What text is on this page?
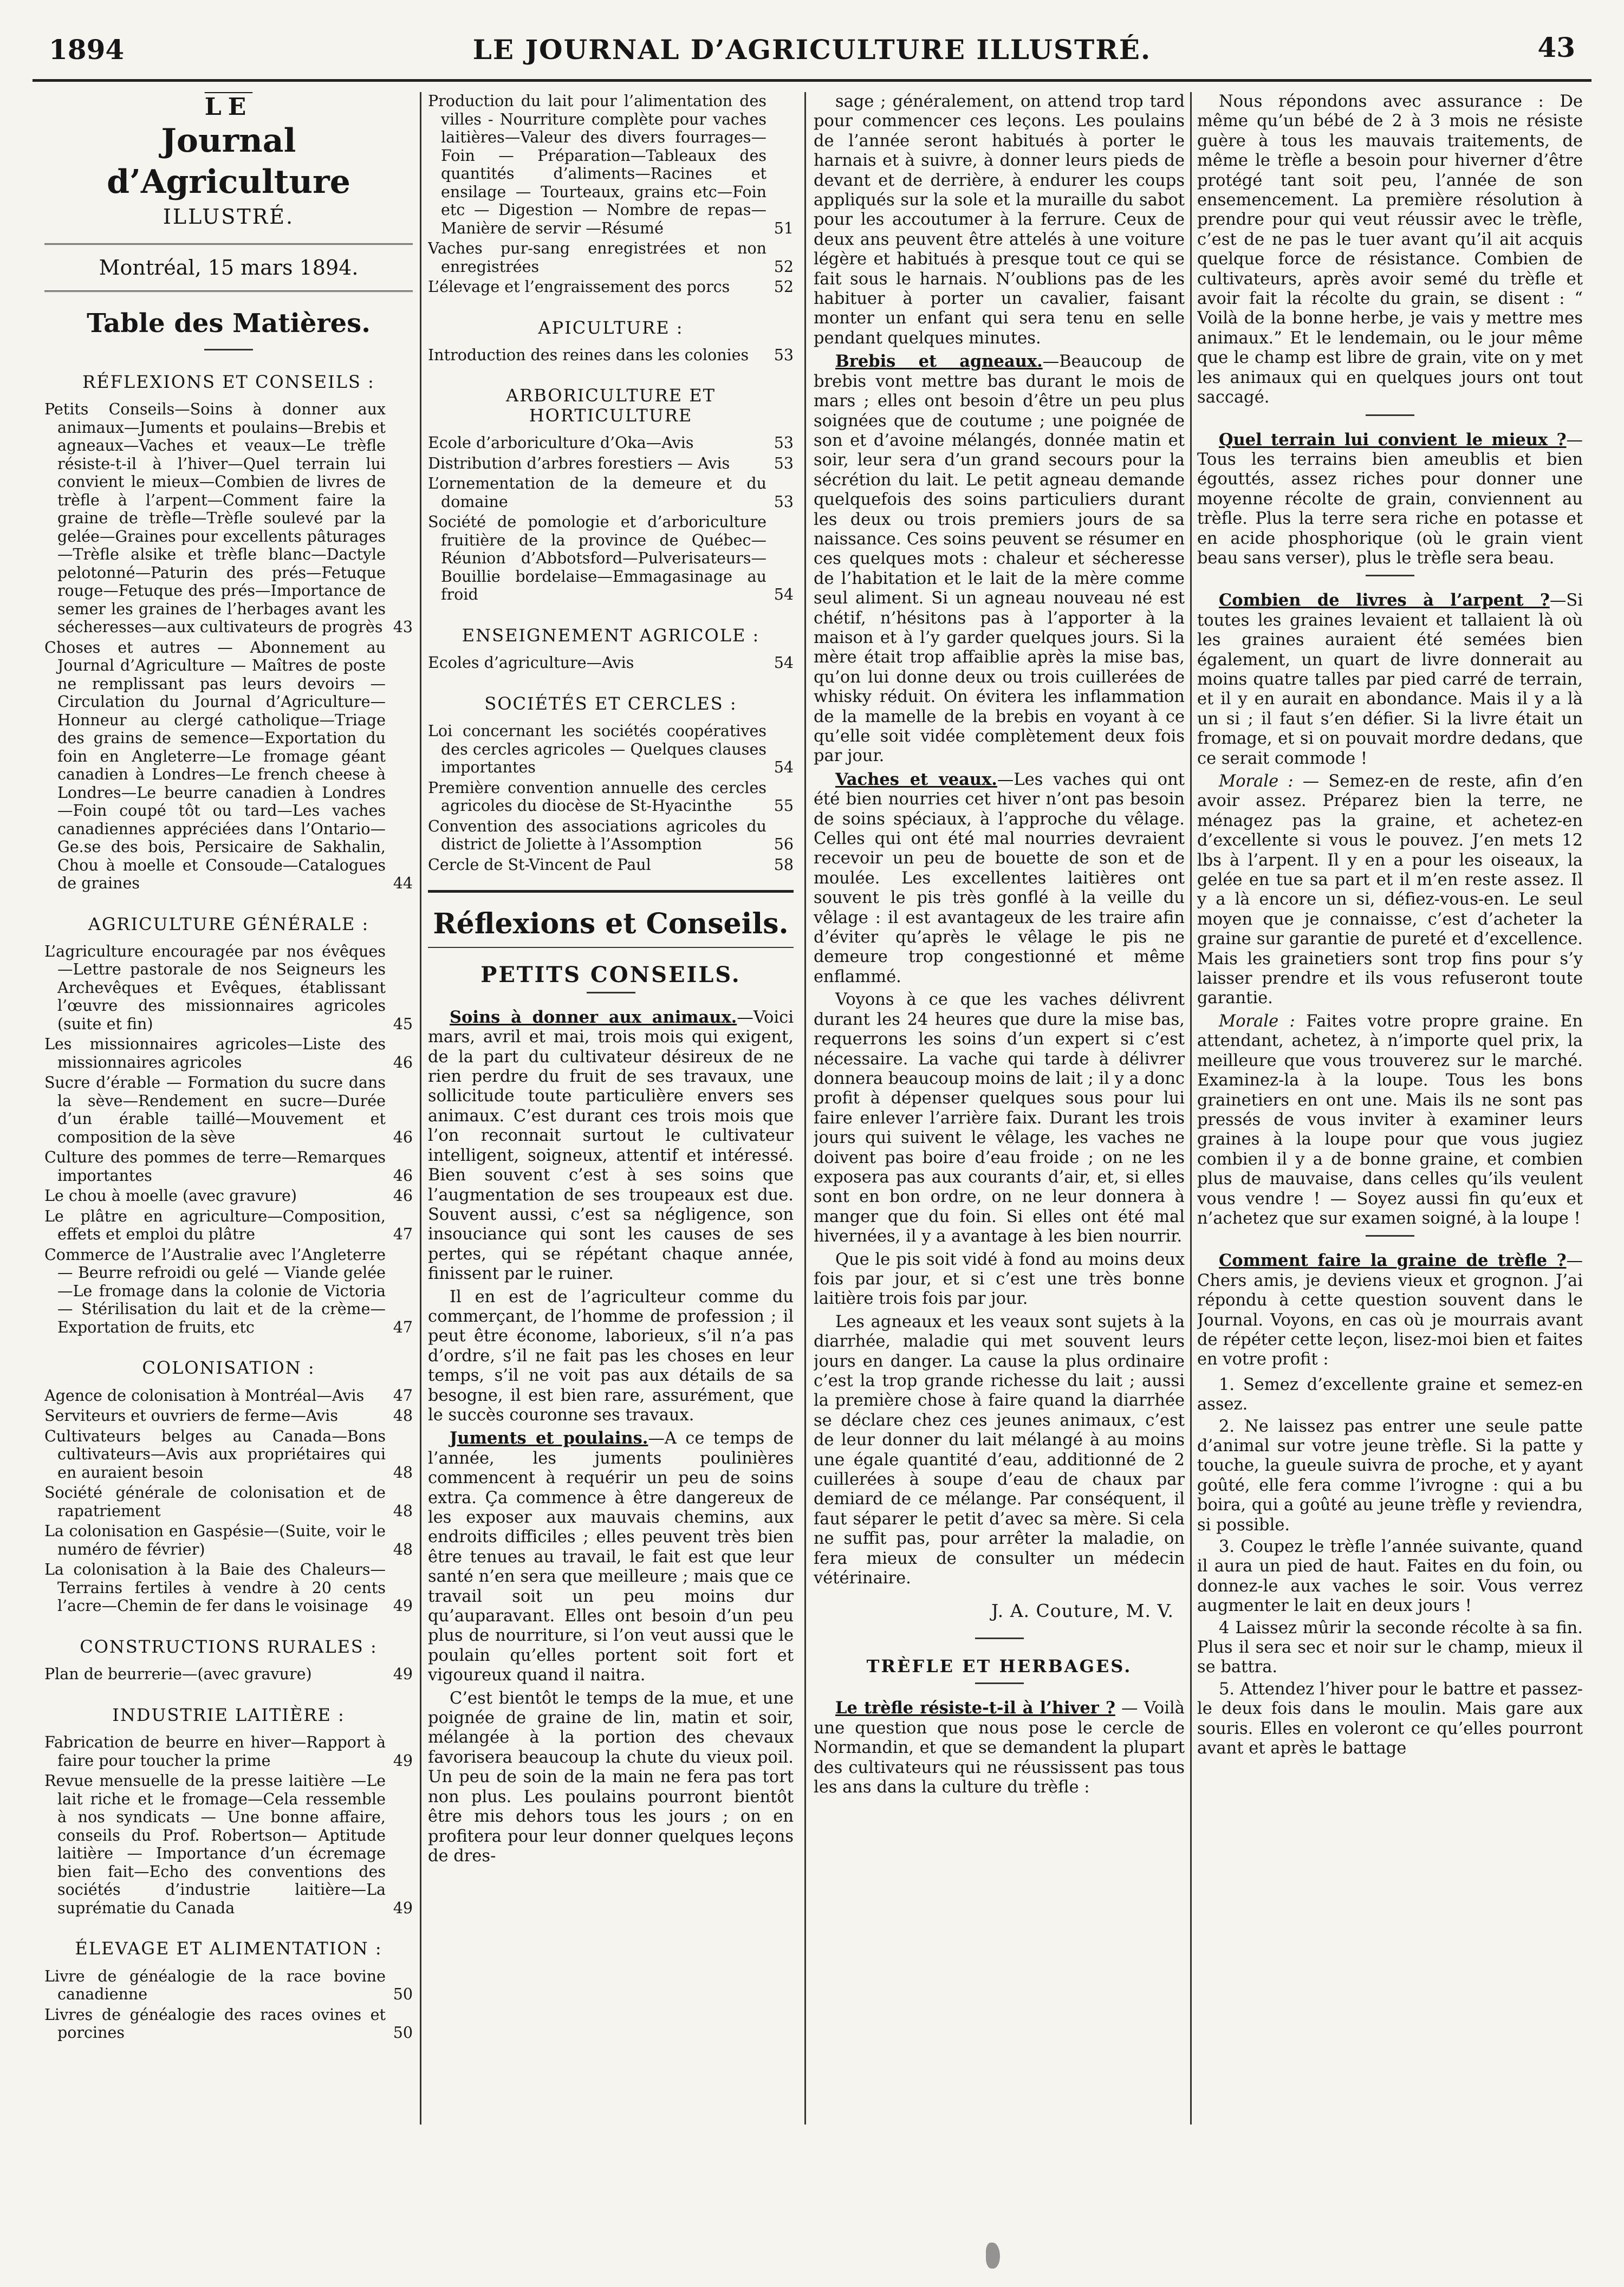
1894	LE JOURNAL D’AGRICULTURE ILLUSTRÉ.	43
$\overline{LE}$
Journal d’Agriculture
ILLUSTRÉ.
Montréal, 15 mars 1894.
Table des Matières.
RÉFLEXIONS ET CONSEILS :
Petits Conseils—Soins à donner aux animaux—Juments et poulains—Brebis et agneaux—Vaches et veaux—Le trèfle résiste-t-il à l’hiver—Quel terrain lui convient le mieux—Combien de livres de trèfle à l’arpent—Comment faire la graine de trèfle—Trèfle soulevé par la gelée—Graines pour excellents pâturages—Trèfle alsike et trèfle blanc—Dactyle pelotonné—Paturin des prés—Fetuque rouge—Fetuque des prés—Importance de semer les graines de l’herbages avant les sécheresses—aux cultivateurs de progrès 43
Choses et autres — Abonnement au Journal d’Agriculture — Maîtres de poste ne remplissant pas leurs devoirs —Circulation du Journal d’Agriculture—Honneur au clergé catholique—Triage des grains de semence—Exportation du foin en Angleterre—Le fromage géant canadien à Londres—Le french cheese à Londres—Le beurre canadien à Londres—Foin coupé tôt ou tard—Les vaches canadiennes appréciées dans l’Ontario—Ge.se des bois, Persicaire de Sakhalin, Chou à moelle et Consoude—Catalogues de graines	44
AGRICULTURE GÉNÉRALE :
L’agriculture encouragée par nos évêques—Lettre pastorale de nos Seigneurs les Archevêques et Evêques, établissant l’œuvre des missionnaires agricoles (suite et fin)	45
Les missionnaires agricoles—Liste des missionnaires agricoles	46
Sucre d’érable — Formation du sucre dans la sève—Rendement en sucre—Durée d’un érable taillé—Mouvement et composition de la sève	46
Culture des pommes de terre—Remarques importantes	46
Le chou à moelle (avec gravure)	46
Le plâtre en agriculture—Composition, effets et emploi du plâtre	47
Commerce de l’Australie avec l’Angleterre — Beurre refroidi ou gelé — Viande gelée—Le fromage dans la colonie de Victoria — Stérilisation du lait et de la crème—Exportation de fruits, etc	47
COLONISATION :
Agence de colonisation à Montréal—Avis	47
Serviteurs et ouvriers de ferme—Avis	48
Cultivateurs belges au Canada—Bons cultivateurs—Avis aux propriétaires qui en auraient besoin	48
Société générale de colonisation et de rapatriement	48
La colonisation en Gaspésie—(Suite, voir le numéro de février)	48
La colonisation à la Baie des Chaleurs—Terrains fertiles à vendre à 20 cents l’acre—Chemin de fer dans le voisinage	49
CONSTRUCTIONS RURALES :
Plan de beurrerie—(avec gravure)	49
INDUSTRIE LAITIÈRE :
Fabrication de beurre en hiver—Rapport à faire pour toucher la prime	49
Revue mensuelle de la presse laitière —Le lait riche et le fromage—Cela ressemble à nos syndicats — Une bonne affaire, conseils du Prof. Robertson— Aptitude laitière — Importance d’un écremage bien fait—Echo des conventions des sociétés d’industrie laitière—La suprématie du Canada	49
ÉLEVAGE ET ALIMENTATION :
Livre de généalogie de la race bovine canadienne	50
Livres de généalogie des races ovines et porcines	50
Production du lait pour l’alimentation des villes - Nourriture complète pour vaches laitières—Valeur des divers fourrages—Foin — Préparation—Tableaux des quantités d’aliments—Racines et ensilage — Tourteaux, grains etc—Foin etc — Digestion — Nombre de repas—Manière de servir —Résumé	51
Vaches pur-sang enregistrées et non enregistrées	52
L’élevage et l’engraissement des porcs	52
APICULTURE :
Introduction des reines dans les colonies	53
ARBORICULTURE ET HORTICULTURE
Ecole d’arboriculture d’Oka—Avis	53
Distribution d’arbres forestiers — Avis	53
L’ornementation de la demeure et du domaine	53
Société de pomologie et d’arboriculture fruitière de la province de Québec—Réunion d’Abbotsford—Pulverisateurs—Bouillie bordelaise—Emmagasinage au froid	54
ENSEIGNEMENT AGRICOLE :
Ecoles d’agriculture—Avis	54
SOCIÉTÉS ET CERCLES :
Loi concernant les sociétés coopératives des cercles agricoles — Quelques clauses importantes	54
Première convention annuelle des cercles agricoles du diocèse de St-Hyacinthe	55
Convention des associations agricoles du district de Joliette à l’Assomption	56
Cercle de St-Vincent de Paul	58
Réflexions et Conseils.
PETITS CONSEILS.

Soins à donner aux animaux.—Voici mars, avril et mai, trois mois qui exigent, de la part du cultivateur désireux de ne rien perdre du fruit de ses travaux, une sollicitude toute particulière envers ses animaux. C’est durant ces trois mois que l’on reconnait surtout le cultivateur intelligent, soigneux, attentif et intéressé. Bien souvent c’est à ses soins que l’augmentation de ses troupeaux est due. Souvent aussi, c’est sa négligence, son insouciance qui sont les causes de ses pertes, qui se répétant chaque année, finissent par le ruiner.

Il en est de l’agriculteur comme du commerçant, de l’homme de profession ; il peut être économe, laborieux, s’il n’a pas d’ordre, s’il ne fait pas les choses en leur temps, s’il ne voit pas aux détails de sa besogne, il est bien rare, assurément, que le succès couronne ses travaux.

Juments et poulains.—A ce temps de l’année, les juments poulinières commencent à requérir un peu de soins extra. Ça commence à être dangereux de les exposer aux mauvais chemins, aux endroits difficiles ; elles peuvent très bien être tenues au travail, le fait est que leur santé n’en sera que meilleure ; mais que ce travail soit un peu moins dur qu’auparavant. Elles ont besoin d’un peu plus de nourriture, si l’on veut aussi que le poulain qu’elles portent soit fort et vigoureux quand il naitra.

C’est bientôt le temps de la mue, et une poignée de graine de lin, matin et soir, mélangée à la portion des chevaux favorisera beaucoup la chute du vieux poil. Un peu de soin de la main ne fera pas tort non plus. Les poulains pourront bientôt être mis dehors tous les jours ; on en profitera pour leur donner quelques leçons de dres-

sage ; généralement, on attend trop tard pour commencer ces leçons. Les poulains de l’année seront habitués à porter le harnais et à suivre, à donner leurs pieds de devant et de derrière, à endurer les coups appliqués sur la sole et la muraille du sabot pour les accoutumer à la ferrure. Ceux de deux ans peuvent être attelés à une voiture légère et habitués à presque tout ce qui se fait sous le harnais. N’oublions pas de les habituer à porter un cavalier, faisant monter un enfant qui sera tenu en selle pendant quelques minutes.

Brebis et agneaux.—Beaucoup de brebis vont mettre bas durant le mois de mars ; elles ont besoin d’être un peu plus soignées que de coutume ; une poignée de son et d’avoine mélangés, donnée matin et soir, leur sera d’un grand secours pour la sécrétion du lait. Le petit agneau demande quelquefois des soins particuliers durant les deux ou trois premiers jours de sa naissance. Ces soins peuvent se résumer en ces quelques mots : chaleur et sécheresse de l’habitation et le lait de la mère comme seul aliment. Si un agneau nouveau né est chétif, n’hésitons pas à l’apporter à la maison et à l’y garder quelques jours. Si la mère était trop affaiblie après la mise bas, qu’on lui donne deux ou trois cuillerées de whisky réduit. On évitera les inflammation de la mamelle de la brebis en voyant à ce qu’elle soit vidée complètement deux fois par jour.

Vaches et veaux.—Les vaches qui ont été bien nourries cet hiver n’ont pas besoin de soins spéciaux, à l’approche du vêlage. Celles qui ont été mal nourries devraient recevoir un peu de bouette de son et de moulée. Les excellentes laitières ont souvent le pis très gonflé à la veille du vêlage : il est avantageux de les traire afin d’éviter qu’après le vêlage le pis ne demeure trop congestionné et même enflammé.

Voyons à ce que les vaches délivrent durant les 24 heures que dure la mise bas, requerrons les soins d’un expert si c’est nécessaire. La vache qui tarde à délivrer donnera beaucoup moins de lait ; il y a donc profit à dépenser quelques sous pour lui faire enlever l’arrière faix. Durant les trois jours qui suivent le vêlage, les vaches ne doivent pas boire d’eau froide ; on ne les exposera pas aux courants d’air, et, si elles sont en bon ordre, on ne leur donnera à manger que du foin. Si elles ont été mal hivernées, il y a avantage à les bien nourrir.

Que le pis soit vidé à fond au moins deux fois par jour, et si c’est une très bonne laitière trois fois par jour.

Les agneaux et les veaux sont sujets à la diarrhée, maladie qui met souvent leurs jours en danger. La cause la plus ordinaire c’est la trop grande richesse du lait ; aussi la première chose à faire quand la diarrhée se déclare chez ces jeunes animaux, c’est de leur donner du lait mélangé à au moins une égale quantité d’eau, additionné de 2 cuillerées à soupe d’eau de chaux par demiard de ce mélange. Par conséquent, il faut séparer le petit d’avec sa mère. Si cela ne suffit pas, pour arrêter la maladie, on fera mieux de consulter un médecin vétérinaire.

J. A. Couture, M. V.
TRÈFLE ET HERBAGES.

Le trèfle résiste-t-il à l’hiver ? — Voilà une question que nous pose le cercle de Normandin, et que se demandent la plupart des cultivateurs qui ne réussissent pas tous les ans dans la culture du trèfle :

Nous répondons avec assurance : De même qu’un bébé de 2 à 3 mois ne résiste guère à tous les mauvais traitements, de même le trèfle a besoin pour hiverner d’être protégé tant soit peu, l’année de son ensemencement. La première résolution à prendre pour qui veut réussir avec le trèfle, c’est de ne pas le tuer avant qu’il ait acquis quelque force de résistance. Combien de cultivateurs, après avoir semé du trèfle et avoir fait la récolte du grain, se disent : “ Voilà de la bonne herbe, je vais y mettre mes animaux.” Et le lendemain, ou le jour même que le champ est libre de grain, vite on y met les animaux qui en quelques jours ont tout saccagé.

Quel terrain lui convient le mieux ?— Tous les terrains bien ameublis et bien égouttés, assez riches pour donner une moyenne récolte de grain, conviennent au trèfle. Plus la terre sera riche en potasse et en acide phosphorique (où le grain vient beau sans verser), plus le trèfle sera beau.

Combien de livres à l’arpent ?—Si toutes les graines levaient et tallaient là où les graines auraient été semées bien également, un quart de livre donnerait au moins quatre talles par pied carré de terrain, et il y en aurait en abondance. Mais il y a là un si ; il faut s’en défier. Si la livre était un fromage, et si on pouvait mordre dedans, que ce serait commode !

Morale : — Semez-en de reste, afin d’en avoir assez. Préparez bien la terre, ne ménagez pas la graine, et achetez-en d’excellente si vous le pouvez. J’en mets 12 lbs à l’arpent. Il y en a pour les oiseaux, la gelée en tue sa part et il m’en reste assez. Il y a là encore un si, défiez-vous-en. Le seul moyen que je connaisse, c’est d’acheter la graine sur garantie de pureté et d’excellence. Mais les grainetiers sont trop fins pour s’y laisser prendre et ils vous refuseront toute garantie.

Morale : Faites votre propre graine. En attendant, achetez, à n’importe quel prix, la meilleure que vous trouverez sur le marché. Examinez-la à la loupe. Tous les bons grainetiers en ont une. Mais ils ne sont pas pressés de vous inviter à examiner leurs graines à la loupe pour que vous jugiez combien il y a de bonne graine, et combien plus de mauvaise, dans celles qu’ils veulent vous vendre ! — Soyez aussi fin qu’eux et n’achetez que sur examen soigné, à la loupe !

Comment faire la graine de trèfle ?— Chers amis, je deviens vieux et grognon. J’ai répondu à cette question souvent dans le Journal. Voyons, en cas où je mourrais avant de répéter cette leçon, lisez-moi bien et faites en votre profit :

1. Semez d’excellente graine et semez-en assez.
2. Ne laissez pas entrer une seule patte d’animal sur votre jeune trèfle. Si la patte y touche, la gueule suivra de proche, et y ayant goûté, elle fera comme l’ivrogne : qui a bu boira, qui a goûté au jeune trèfle y reviendra, si possible.
3. Coupez le trèfle l’année suivante, quand il aura un pied de haut. Faites en du foin, ou donnez-le aux vaches le soir. Vous verrez augmenter le lait en deux jours !
4 Laissez mûrir la seconde récolte à sa fin. Plus il sera sec et noir sur le champ, mieux il se battra.
5. Attendez l’hiver pour le battre et passez-le deux fois dans le moulin. Mais gare aux souris. Elles en voleront ce qu’elles pourront avant et après le battage
